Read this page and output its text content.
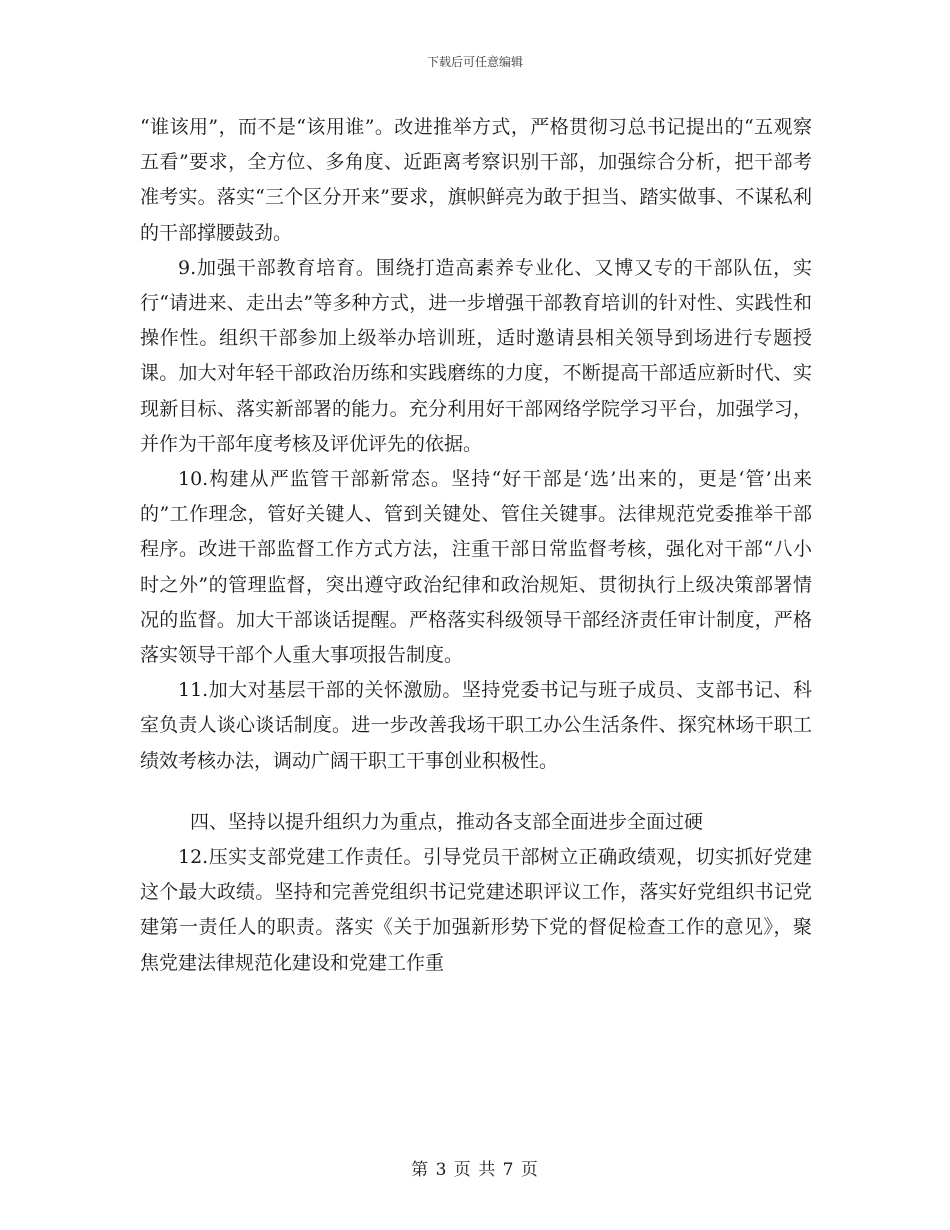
下载后可任意编辑

“谁该用”，而不是“该用谁”。改进推举方式，严格贯彻习总书记提出的“五观察五看”要求，全方位、多角度、近距离考察识别干部，加强综合分析，把干部考准考实。落实“三个区分开来”要求，旗帜鲜亮为敢于担当、踏实做事、不谋私利的干部撑腰鼓劲。

9.加强干部教育培育。围绕打造高素养专业化、又博又专的干部队伍，实行“请进来、走出去”等多种方式，进一步增强干部教育培训的针对性、实践性和操作性。组织干部参加上级举办培训班，适时邀请县相关领导到场进行专题授课。加大对年轻干部政治历练和实践磨练的力度，不断提高干部适应新时代、实现新目标、落实新部署的能力。充分利用好干部网络学院学习平台，加强学习，并作为干部年度考核及评优评先的依据。

10.构建从严监管干部新常态。坚持“好干部是‘选’出来的，更是‘管’出来的”工作理念，管好关键人、管到关键处、管住关键事。法律规范党委推举干部程序。改进干部监督工作方式方法，注重干部日常监督考核，强化对干部“八小时之外”的管理监督，突出遵守政治纪律和政治规矩、贯彻执行上级决策部署情况的监督。加大干部谈话提醒。严格落实科级领导干部经济责任审计制度，严格落实领导干部个人重大事项报告制度。

11.加大对基层干部的关怀激励。坚持党委书记与班子成员、支部书记、科室负责人谈心谈话制度。进一步改善我场干职工办公生活条件、探究林场干职工绩效考核办法，调动广阔干职工干事创业积极性。

四、坚持以提升组织力为重点，推动各支部全面进步全面过硬

12.压实支部党建工作责任。引导党员干部树立正确政绩观，切实抓好党建这个最大政绩。坚持和完善党组织书记党建述职评议工作，落实好党组织书记党建第一责任人的职责。落实《关于加强新形势下党的督促检查工作的意见》，聚焦党建法律规范化建设和党建工作重

第 3 页 共 7 页
